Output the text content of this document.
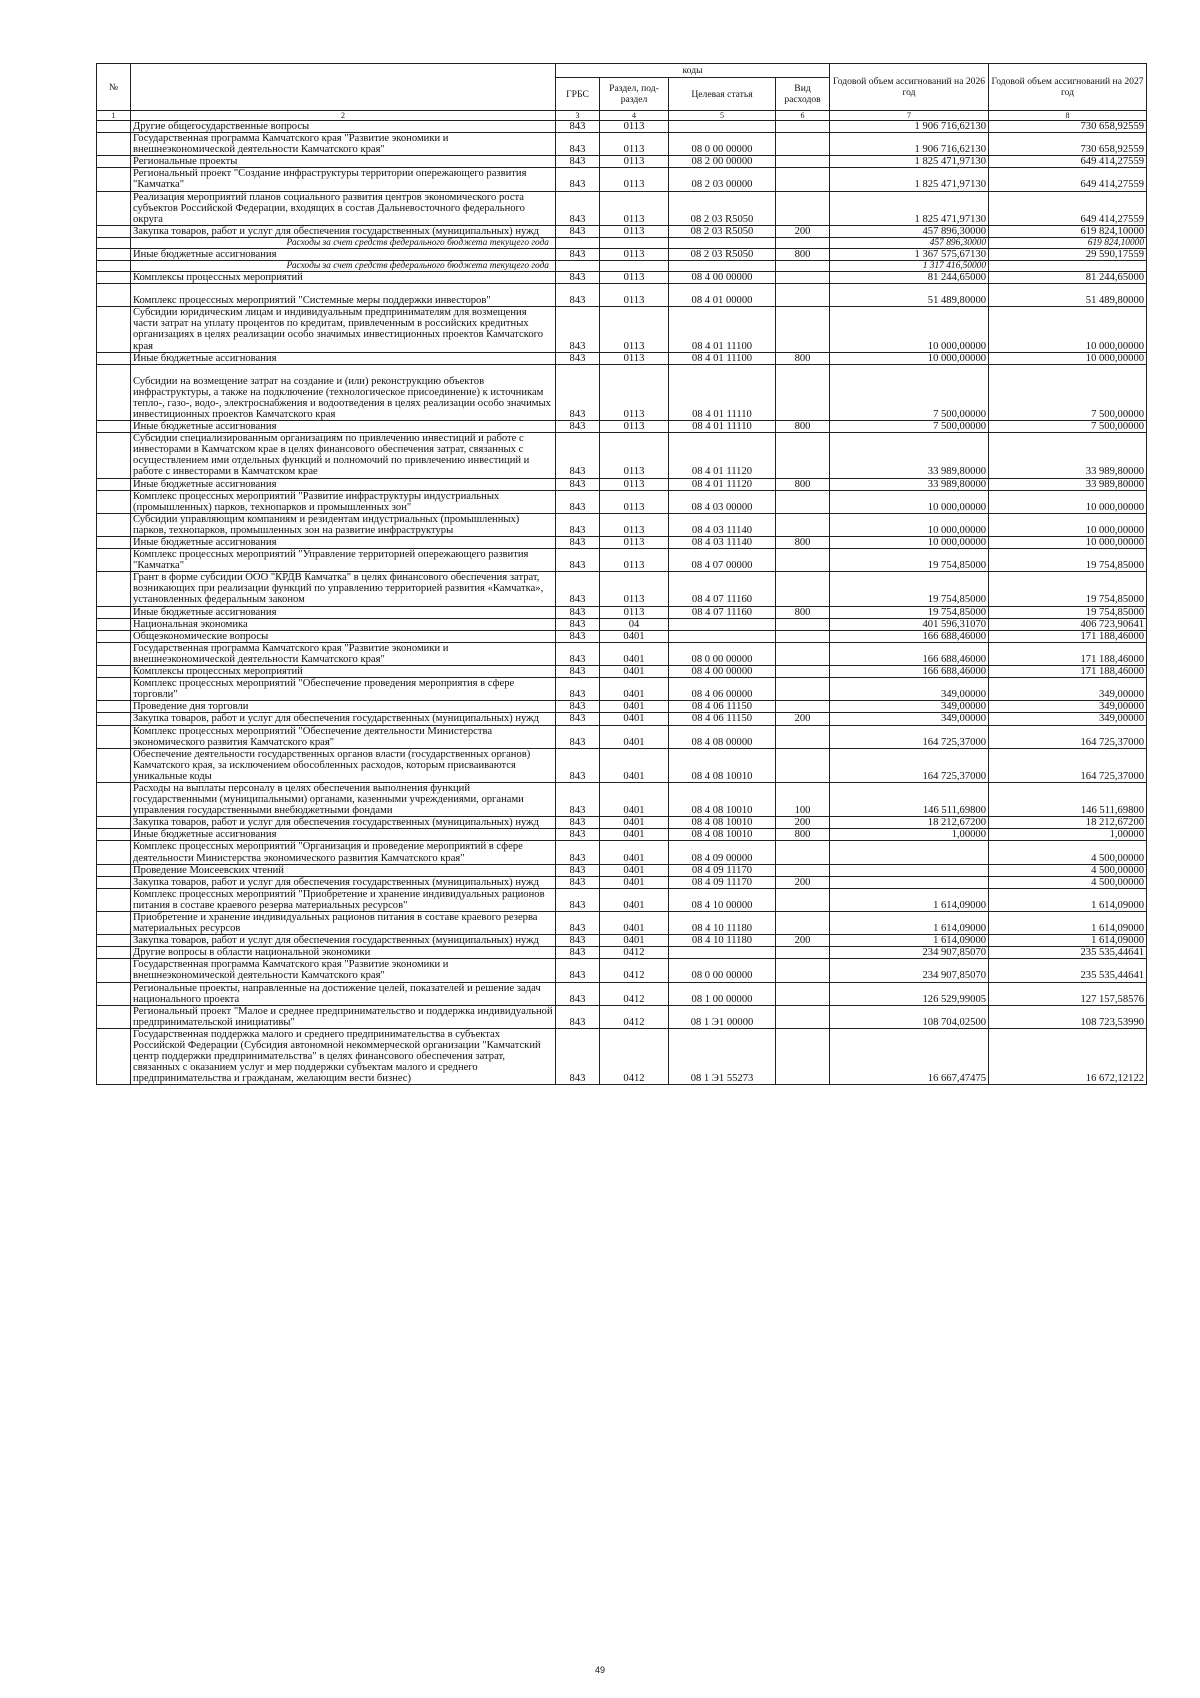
№		коды				Годовой объем ассигнований на 2026 год	Годовой объем ассигнований на 2027 год
		ГРБС	Раздел, под-раздел	Целевая статья	Вид расходов		
1	2	3	4	5	6	7	8
	Другие общегосударственные вопросы	843	0113			1 906 716,62130	730 658,92559
	Государственная программа Камчатского края "Развитие экономики и внешнеэкономической деятельности Камчатского края"	843	0113	08 0 00 00000		1 906 716,62130	730 658,92559
	Региональные проекты	843	0113	08 2 00 00000		1 825 471,97130	649 414,27559
	Региональный проект "Создание инфраструктуры территории опережающего развития "Камчатка"	843	0113	08 2 03 00000		1 825 471,97130	649 414,27559
	Реализация мероприятий планов социального развития центров экономического роста субъектов Российской Федерации, входящих в состав Дальневосточного федерального округа	843	0113	08 2 03 R5050		1 825 471,97130	649 414,27559
	Закупка товаров, работ и услуг для обеспечения государственных (муниципальных) нужд	843	0113	08 2 03 R5050	200	457 896,30000	619 824,10000
	Расходы за счет средств федерального бюджета текущего года					457 896,30000	619 824,10000
	Иные бюджетные ассигнования	843	0113	08 2 03 R5050	800	1 367 575,67130	29 590,17559
	Расходы за счет средств федерального бюджета текущего года					1 317 416,50000	
	Комплексы процессных мероприятий	843	0113	08 4 00 00000		81 244,65000	81 244,65000
	Комплекс процессных мероприятий "Системные меры поддержки инвесторов"	843	0113	08 4 01 00000		51 489,80000	51 489,80000
	Субсидии юридическим лицам и индивидуальным предпринимателям для возмещения части затрат на уплату процентов по кредитам, привлеченным в российских кредитных организациях в целях реализации особо значимых инвестиционных проектов Камчатского края	843	0113	08 4 01 11100		10 000,00000	10 000,00000
	Иные бюджетные ассигнования	843	0113	08 4 01 11100	800	10 000,00000	10 000,00000
	Субсидии на возмещение затрат на создание и (или) реконструкцию объектов инфраструктуры, а также на подключение (технологическое присоединение) к источникам тепло-, газо-, водо-, электроснабжения и водоотведения в целях реализации особо значимых инвестиционных проектов Камчатского края	843	0113	08 4 01 11110		7 500,00000	7 500,00000
	Иные бюджетные ассигнования	843	0113	08 4 01 11110	800	7 500,00000	7 500,00000
	Субсидии специализированным организациям по привлечению инвестиций и работе с инвесторами в Камчатском крае в целях финансового обеспечения затрат, связанных с осуществлением ими отдельных функций и полномочий по привлечению инвестиций и работе с инвесторами в Камчатском крае	843	0113	08 4 01 11120		33 989,80000	33 989,80000
	Иные бюджетные ассигнования	843	0113	08 4 01 11120	800	33 989,80000	33 989,80000
	Комплекс процессных мероприятий "Развитие инфраструктуры индустриальных (промышленных) парков, технопарков и промышленных зон"	843	0113	08 4 03 00000		10 000,00000	10 000,00000
	Субсидии управляющим компаниям и резидентам индустриальных (промышленных) парков, технопарков, промышленных зон на развитие инфраструктуры	843	0113	08 4 03 11140		10 000,00000	10 000,00000
	Иные бюджетные ассигнования	843	0113	08 4 03 11140	800	10 000,00000	10 000,00000
	Комплекс процессных мероприятий "Управление территорией опережающего развития "Камчатка"	843	0113	08 4 07 00000		19 754,85000	19 754,85000
	Грант в форме субсидии ООО "КРДВ Камчатка" в целях финансового обеспечения затрат, возникающих при реализации функций по управлению территорией развития «Камчатка», установленных федеральным законом	843	0113	08 4 07 11160		19 754,85000	19 754,85000
	Иные бюджетные ассигнования	843	0113	08 4 07 11160	800	19 754,85000	19 754,85000
	Национальная экономика	843	04			401 596,31070	406 723,90641
	Общеэкономические вопросы	843	0401			166 688,46000	171 188,46000
	Государственная программа Камчатского края "Развитие экономики и внешнеэкономической деятельности Камчатского края"	843	0401	08 0 00 00000		166 688,46000	171 188,46000
	Комплексы процессных мероприятий	843	0401	08 4 00 00000		166 688,46000	171 188,46000
	Комплекс процессных мероприятий "Обеспечение проведения мероприятия в сфере торговли"	843	0401	08 4 06 00000		349,00000	349,00000
	Проведение дня торговли	843	0401	08 4 06 11150		349,00000	349,00000
	Закупка товаров, работ и услуг для обеспечения государственных (муниципальных) нужд	843	0401	08 4 06 11150	200	349,00000	349,00000
	Комплекс процессных мероприятий "Обеспечение деятельности Министерства экономического развития Камчатского края"	843	0401	08 4 08 00000		164 725,37000	164 725,37000
	Обеспечение деятельности государственных органов власти (государственных органов) Камчатского края, за исключением обособленных расходов, которым присваиваются уникальные коды	843	0401	08 4 08 10010		164 725,37000	164 725,37000
	Расходы на выплаты персоналу в целях обеспечения выполнения функций государственными (муниципальными) органами, казенными учреждениями, органами управления государственными внебюджетными фондами	843	0401	08 4 08 10010	100	146 511,69800	146 511,69800
	Закупка товаров, работ и услуг для обеспечения государственных (муниципальных) нужд	843	0401	08 4 08 10010	200	18 212,67200	18 212,67200
	Иные бюджетные ассигнования	843	0401	08 4 08 10010	800	1,00000	1,00000
	Комплекс процессных мероприятий "Организация и проведение мероприятий в сфере деятельности Министерства экономического развития Камчатского края"	843	0401	08 4 09 00000			4 500,00000
	Проведение Моисеевских чтений	843	0401	08 4 09 11170			4 500,00000
	Закупка товаров, работ и услуг для обеспечения государственных (муниципальных) нужд	843	0401	08 4 09 11170	200		4 500,00000
	Комплекс процессных мероприятий "Приобретение и хранение индивидуальных рационов питания в составе краевого резерва материальных ресурсов"	843	0401	08 4 10 00000		1 614,09000	1 614,09000
	Приобретение и хранение индивидуальных рационов питания в составе краевого резерва материальных ресурсов	843	0401	08 4 10 11180		1 614,09000	1 614,09000
	Закупка товаров, работ и услуг для обеспечения государственных (муниципальных) нужд	843	0401	08 4 10 11180	200	1 614,09000	1 614,09000
	Другие вопросы в области национальной экономики	843	0412			234 907,85070	235 535,44641
	Государственная программа Камчатского края "Развитие экономики и внешнеэкономической деятельности Камчатского края"	843	0412	08 0 00 00000		234 907,85070	235 535,44641
	Региональные проекты, направленные на достижение целей, показателей и решение задач национального проекта	843	0412	08 1 00 00000		126 529,99005	127 157,58576
	Региональный проект "Малое и среднее предпринимательство и поддержка индивидуальной предпринимательской инициативы"	843	0412	08 1 Э1 00000		108 704,02500	108 723,53990
	Государственная поддержка малого и среднего предпринимательства в субъектах Российской Федерации (Субсидия автономной некоммерческой организации "Камчатский центр поддержки предпринимательства" в целях финансового обеспечения затрат, связанных с оказанием услуг и мер поддержки субъектам малого и среднего предпринимательства и гражданам, желающим вести бизнес)	843	0412	08 1 Э1 55273		16 667,47475	16 672,12122
49
